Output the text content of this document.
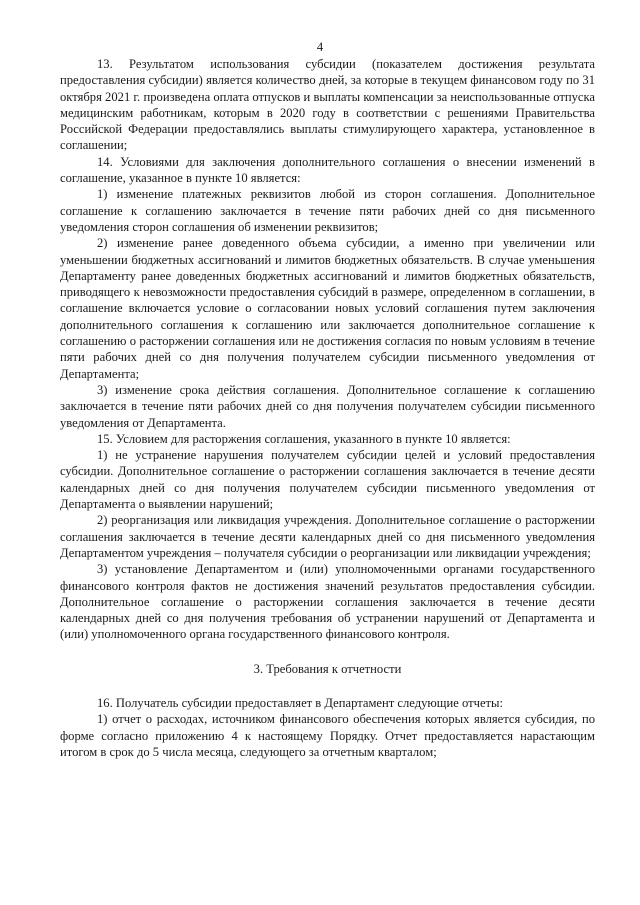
4

13. Результатом использования субсидии (показателем достижения результата предоставления субсидии) является количество дней, за которые в текущем финансовом году по 31 октября 2021 г. произведена оплата отпусков и выплаты компенсации за неиспользованные отпуска медицинским работникам, которым в 2020 году в соответствии с решениями Правительства Российской Федерации предоставлялись выплаты стимулирующего характера, установленное в соглашении;

14. Условиями для заключения дополнительного соглашения о внесении изменений в соглашение, указанное в пункте 10 является:

1) изменение платежных реквизитов любой из сторон соглашения. Дополнительное соглашение к соглашению заключается в течение пяти рабочих дней со дня письменного уведомления сторон соглашения об изменении реквизитов;

2) изменение ранее доведенного объема субсидии, а именно при увеличении или уменьшении бюджетных ассигнований и лимитов бюджетных обязательств. В случае уменьшения Департаменту ранее доведенных бюджетных ассигнований и лимитов бюджетных обязательств, приводящего к невозможности предоставления субсидий в размере, определенном в соглашении, в соглашение включается условие о согласовании новых условий соглашения путем заключения дополнительного соглашения к соглашению или заключается дополнительное соглашение к соглашению о расторжении соглашения или не достижения согласия по новым условиям в течение пяти рабочих дней со дня получения получателем субсидии письменного уведомления от Департамента;

3) изменение срока действия соглашения. Дополнительное соглашение к соглашению заключается в течение пяти рабочих дней со дня получения получателем субсидии письменного уведомления от Департамента.

15. Условием для расторжения соглашения, указанного в пункте 10 является:

1) не устранение нарушения получателем субсидии целей и условий предоставления субсидии. Дополнительное соглашение о расторжении соглашения заключается в течение десяти календарных дней со дня получения получателем субсидии письменного уведомления от Департамента о выявлении нарушений;

2) реорганизация или ликвидация учреждения. Дополнительное соглашение о расторжении соглашения заключается в течение десяти календарных дней со дня письменного уведомления Департаментом учреждения – получателя субсидии о реорганизации или ликвидации учреждения;

3) установление Департаментом и (или) уполномоченными органами государственного финансового контроля фактов не достижения значений результатов предоставления субсидии. Дополнительное соглашение о расторжении соглашения заключается в течение десяти календарных дней со дня получения требования об устранении нарушений от Департамента и (или) уполномоченного органа государственного финансового контроля.

3. Требования к отчетности

16. Получатель субсидии предоставляет в Департамент следующие отчеты:

1) отчет о расходах, источником финансового обеспечения которых является субсидия, по форме согласно приложению 4 к настоящему Порядку. Отчет предоставляется нарастающим итогом в срок до 5 числа месяца, следующего за отчетным кварталом;
